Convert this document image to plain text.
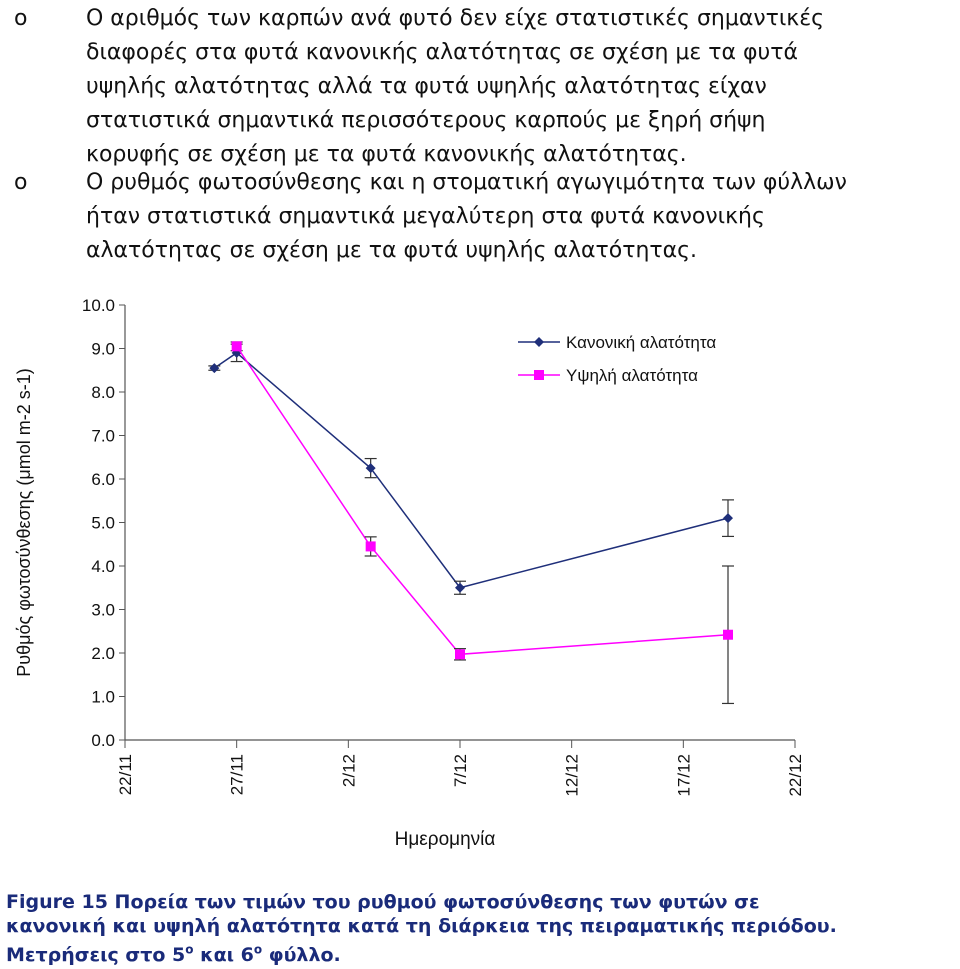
o	Ο αριθμός των καρπών ανά φυτό δεν είχε στατιστικές σημαντικές
διαφορές στα φυτά κανονικής αλατότητας σε σχέση με τα φυτά
υψηλής αλατότητας αλλά τα φυτά υψηλής αλατότητας είχαν
στατιστικά σημαντικά περισσότερους καρπούς με ξηρή σήψη
κορυφής σε σχέση με τα φυτά κανονικής αλατότητας.
o	Ο ρυθμός φωτοσύνθεσης και η στοματική αγωγιμότητα των φύλλων
ήταν στατιστικά σημαντικά μεγαλύτερη στα φυτά κανονικής
αλατότητας σε σχέση με τα φυτά υψηλής αλατότητας.
0.0
1.0
2.0
3.0
4.0
5.0
6.0
7.0
8.0
9.0
10.0
22/11	27/11	2/12	7/12	12/12	17/12	22/12
Ρυθμός φωτοσύνθεσης (μmol m-2 s-1)
Ημερομηνία
Κανονική αλατότητα
Υψηλή αλατότητα
Figure 15 Πορεία των τιμών του ρυθμού φωτοσύνθεσης των φυτών σε
κανονική και υψηλή αλατότητα κατά τη διάρκεια της πειραματικής περιόδου.
Μετρήσεις στο $5^o$ και $6^o$ φύλλο.
